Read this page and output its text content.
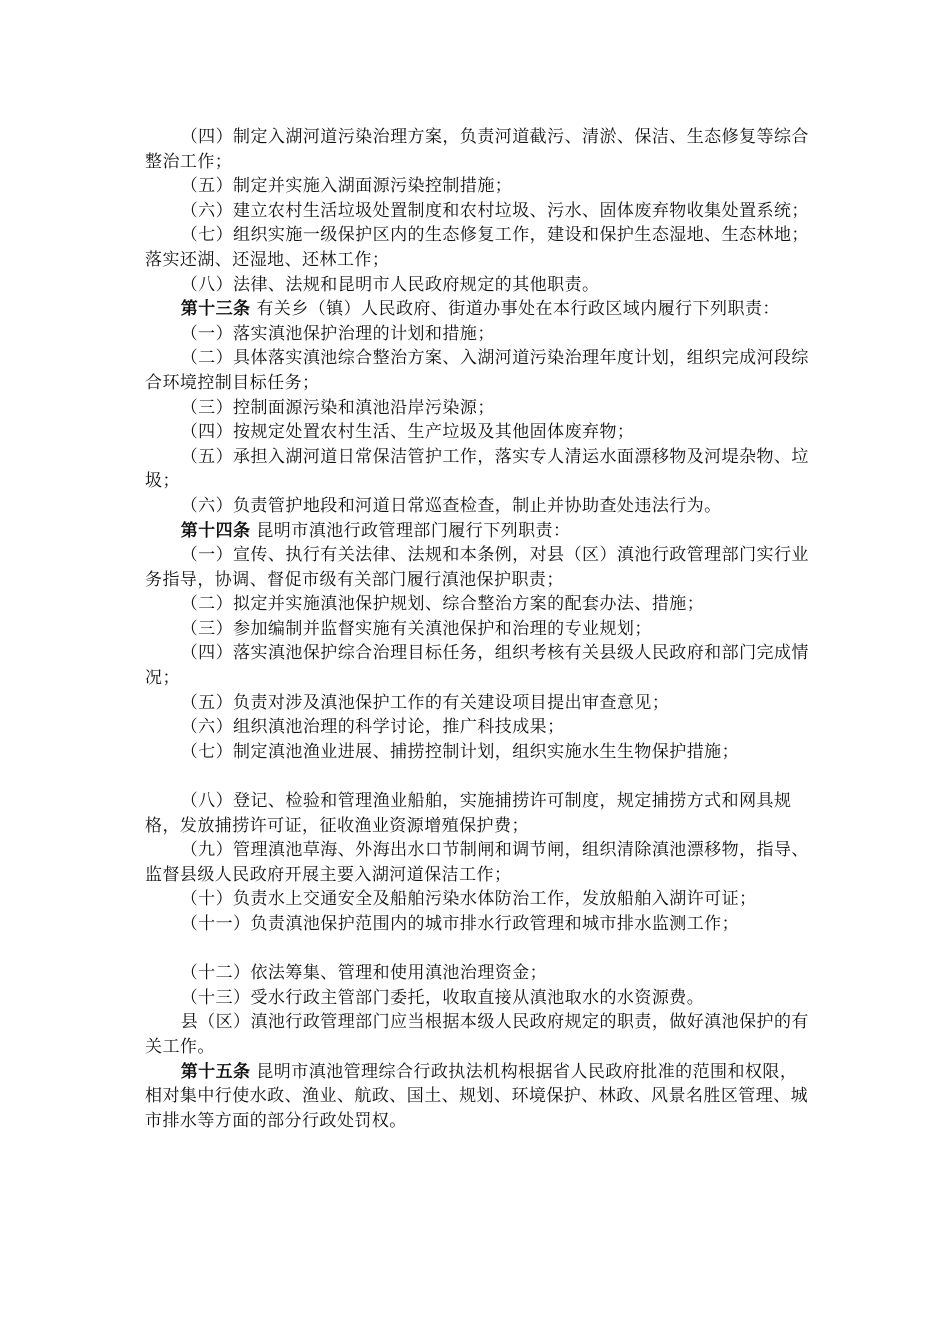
（四）制定入湖河道污染治理方案，负责河道截污、清淤、保洁、生态修复等综合整治工作；

（五）制定并实施入湖面源污染控制措施；

（六）建立农村生活垃圾处置制度和农村垃圾、污水、固体废弃物收集处置系统；

（七）组织实施一级保护区内的生态修复工作，建设和保护生态湿地、生态林地；落实还湖、还湿地、还林工作；

（八）法律、法规和昆明市人民政府规定的其他职责。

第十三条 有关乡（镇）人民政府、街道办事处在本行政区域内履行下列职责：

（一）落实滇池保护治理的计划和措施；

（二）具体落实滇池综合整治方案、入湖河道污染治理年度计划，组织完成河段综合环境控制目标任务；

（三）控制面源污染和滇池沿岸污染源；

（四）按规定处置农村生活、生产垃圾及其他固体废弃物；

（五）承担入湖河道日常保洁管护工作，落实专人清运水面漂移物及河堤杂物、垃圾；

（六）负责管护地段和河道日常巡查检查，制止并协助查处违法行为。

第十四条 昆明市滇池行政管理部门履行下列职责：

（一）宣传、执行有关法律、法规和本条例，对县（区）滇池行政管理部门实行业务指导，协调、督促市级有关部门履行滇池保护职责；

（二）拟定并实施滇池保护规划、综合整治方案的配套办法、措施；

（三）参加编制并监督实施有关滇池保护和治理的专业规划；

（四）落实滇池保护综合治理目标任务，组织考核有关县级人民政府和部门完成情况；

（五）负责对涉及滇池保护工作的有关建设项目提出审查意见；

（六）组织滇池治理的科学讨论，推广科技成果；

（七）制定滇池渔业进展、捕捞控制计划，组织实施水生生物保护措施；

（八）登记、检验和管理渔业船舶，实施捕捞许可制度，规定捕捞方式和网具规格，发放捕捞许可证，征收渔业资源增殖保护费；

（九）管理滇池草海、外海出水口节制闸和调节闸，组织清除滇池漂移物，指导、监督县级人民政府开展主要入湖河道保洁工作；

（十）负责水上交通安全及船舶污染水体防治工作，发放船舶入湖许可证；

（十一）负责滇池保护范围内的城市排水行政管理和城市排水监测工作；

（十二）依法筹集、管理和使用滇池治理资金；

（十三）受水行政主管部门委托，收取直接从滇池取水的水资源费。

县（区）滇池行政管理部门应当根据本级人民政府规定的职责，做好滇池保护的有关工作。

第十五条 昆明市滇池管理综合行政执法机构根据省人民政府批准的范围和权限，相对集中行使水政、渔业、航政、国土、规划、环境保护、林政、风景名胜区管理、城市排水等方面的部分行政处罚权。
